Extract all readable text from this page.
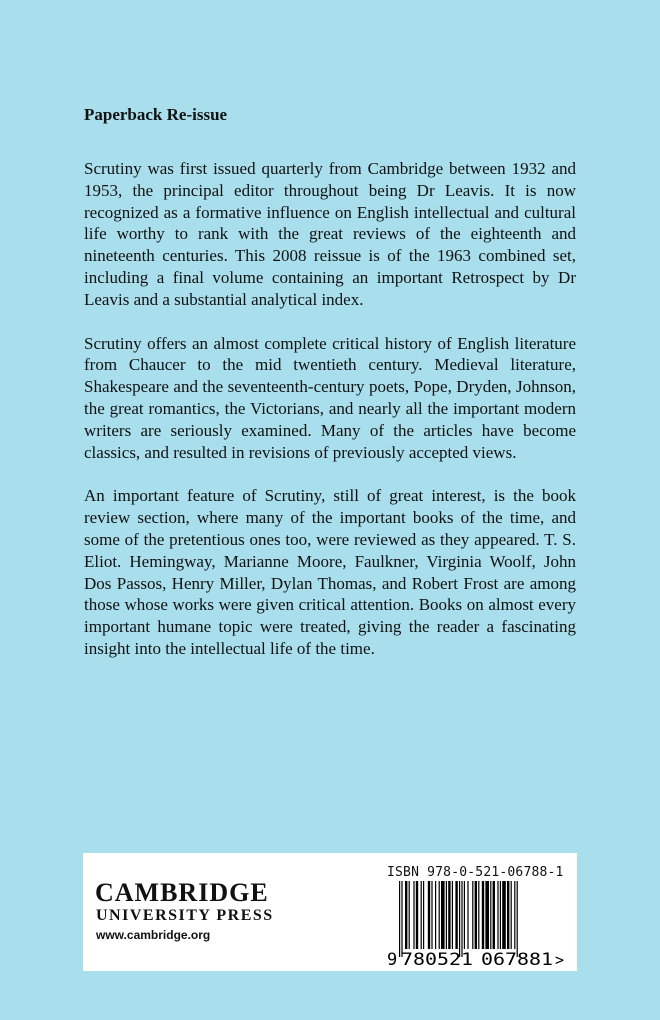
Paperback Re-issue

Scrutiny was first issued quarterly from Cambridge between 1932 and 1953, the principal editor throughout being Dr Leavis. It is now recognized as a formative influence on English intellectual and cultural life worthy to rank with the great reviews of the eighteenth and nineteenth centuries. This 2008 reissue is of the 1963 combined set, including a final volume containing an important Retrospect by Dr Leavis and a substantial analytical index.

Scrutiny offers an almost complete critical history of English literature from Chaucer to the mid twentieth century. Medieval literature, Shakespeare and the seventeenth-century poets, Pope, Dryden, Johnson, the great romantics, the Victorians, and nearly all the important modern writers are seriously examined. Many of the articles have become classics, and resulted in revisions of previously accepted views.

An important feature of Scrutiny, still of great interest, is the book review section, where many of the important books of the time, and some of the pretentious ones too, were reviewed as they appeared. T. S. Eliot. Hemingway, Marianne Moore, Faulkner, Virginia Woolf, John Dos Passos, Henry Miller, Dylan Thomas, and Robert Frost are among those whose works were given critical attention. Books on almost every important humane topic were treated, giving the reader a fascinating insight into the intellectual life of the time.

CAMBRIDGE
UNIVERSITY PRESS
www.cambridge.org
ISBN 978-0-521-06788-1
9 780521 067881 >
